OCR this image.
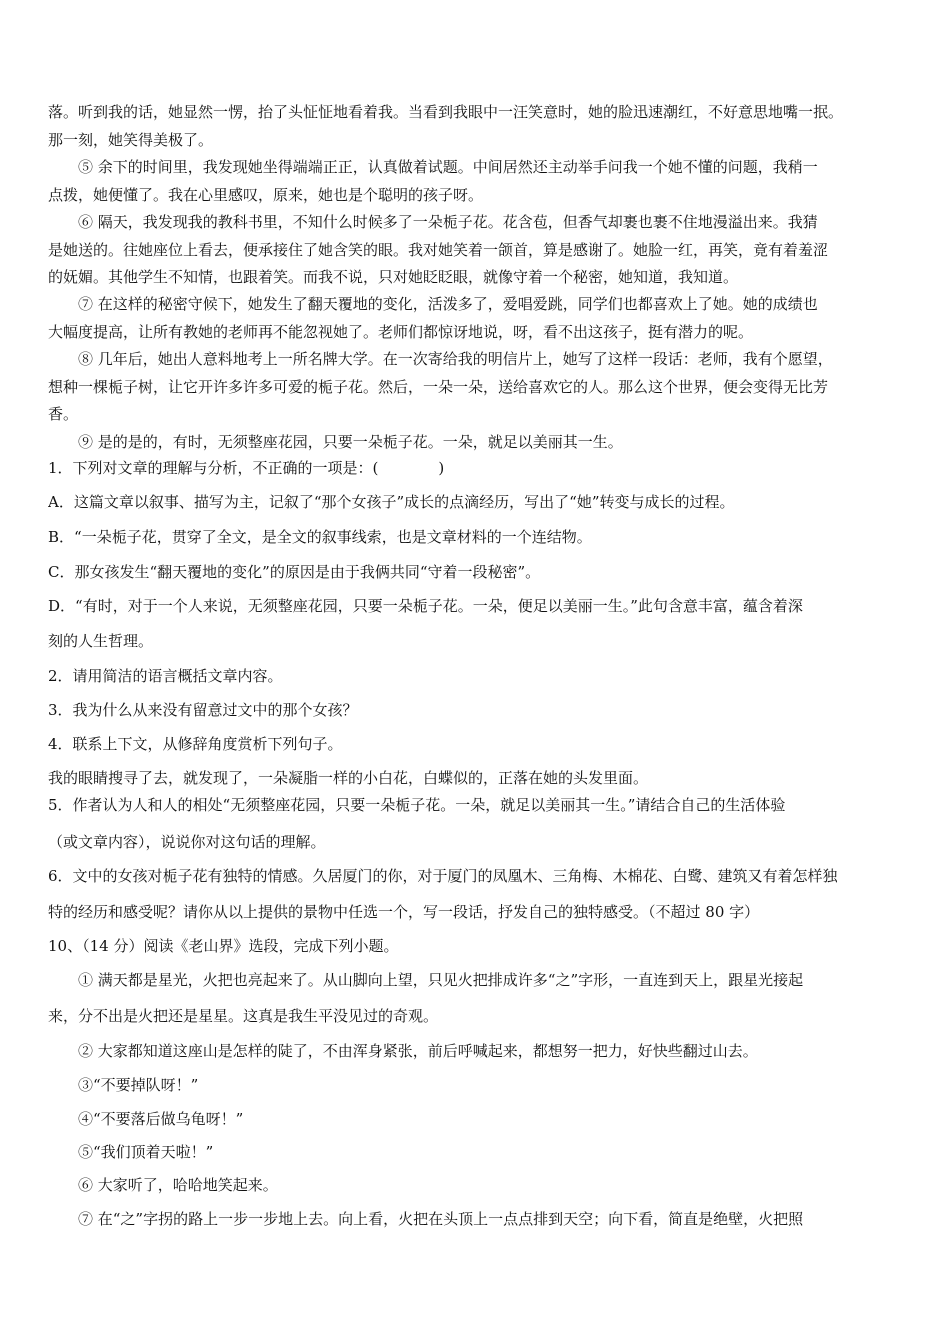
落。听到我的话，她显然一愣，抬了头怔怔地看着我。当看到我眼中一汪笑意时，她的脸迅速潮红，不好意思地嘴一抿。
那一刻，她笑得美极了。
⑤ 余下的时间里，我发现她坐得端端正正，认真做着试题。中间居然还主动举手问我一个她不懂的问题，我稍一
点拨，她便懂了。我在心里感叹，原来，她也是个聪明的孩子呀。
⑥ 隔天，我发现我的教科书里，不知什么时候多了一朵栀子花。花含苞，但香气却裹也裹不住地漫溢出来。我猜
是她送的。往她座位上看去，便承接住了她含笑的眼。我对她笑着一颌首，算是感谢了。她脸一红，再笑，竟有着羞涩
的妩媚。其他学生不知情，也跟着笑。而我不说，只对她眨眨眼，就像守着一个秘密，她知道，我知道。
⑦ 在这样的秘密守候下，她发生了翻天覆地的变化，活泼多了，爱唱爱跳，同学们也都喜欢上了她。她的成绩也
大幅度提高，让所有教她的老师再不能忽视她了。老师们都惊讶地说，呀，看不出这孩子，挺有潜力的呢。
⑧ 几年后，她出人意料地考上一所名牌大学。在一次寄给我的明信片上，她写了这样一段话：老师，我有个愿望，
想种一棵栀子树，让它开许多许多可爱的栀子花。然后，一朵一朵，送给喜欢它的人。那么这个世界，便会变得无比芳
香。
⑨ 是的是的，有时，无须整座花园，只要一朵栀子花。一朵，就足以美丽其一生。
1．下列对文章的理解与分析，不正确的一项是：(　　　　)
A．这篇文章以叙事、描写为主，记叙了“那个女孩子”成长的点滴经历，写出了“她”转变与成长的过程。
B．“一朵栀子花，贯穿了全文，是全文的叙事线索，也是文章材料的一个连结物。
C．那女孩发生“翻天覆地的变化”的原因是由于我俩共同“守着一段秘密”。
D．“有时，对于一个人来说，无须整座花园，只要一朵栀子花。一朵，便足以美丽一生。”此句含意丰富，蕴含着深
刻的人生哲理。
2．请用简洁的语言概括文章内容。
3．我为什么从来没有留意过文中的那个女孩？
4．联系上下文，从修辞角度赏析下列句子。
我的眼睛搜寻了去，就发现了，一朵凝脂一样的小白花，白蝶似的，正落在她的头发里面。
5．作者认为人和人的相处“无须整座花园，只要一朵栀子花。一朵，就足以美丽其一生。”请结合自己的生活体验
（或文章内容），说说你对这句话的理解。
6．文中的女孩对栀子花有独特的情感。久居厦门的你，对于厦门的凤凰木、三角梅、木棉花、白鹭、建筑又有着怎样独
特的经历和感受呢？请你从以上提供的景物中任选一个，写一段话，抒发自己的独特感受。（不超过 80 字）
10、（14 分）阅读《老山界》选段，完成下列小题。
① 满天都是星光，火把也亮起来了。从山脚向上望，只见火把排成许多“之”字形，一直连到天上，跟星光接起
来，分不出是火把还是星星。这真是我生平没见过的奇观。
② 大家都知道这座山是怎样的陡了，不由浑身紧张，前后呼喊起来，都想努一把力，好快些翻过山去。
③“不要掉队呀！”
④“不要落后做乌龟呀！”
⑤“我们顶着天啦！”
⑥ 大家听了，哈哈地笑起来。
⑦ 在“之”字拐的路上一步一步地上去。向上看，火把在头顶上一点点排到天空；向下看，简直是绝壁，火把照
